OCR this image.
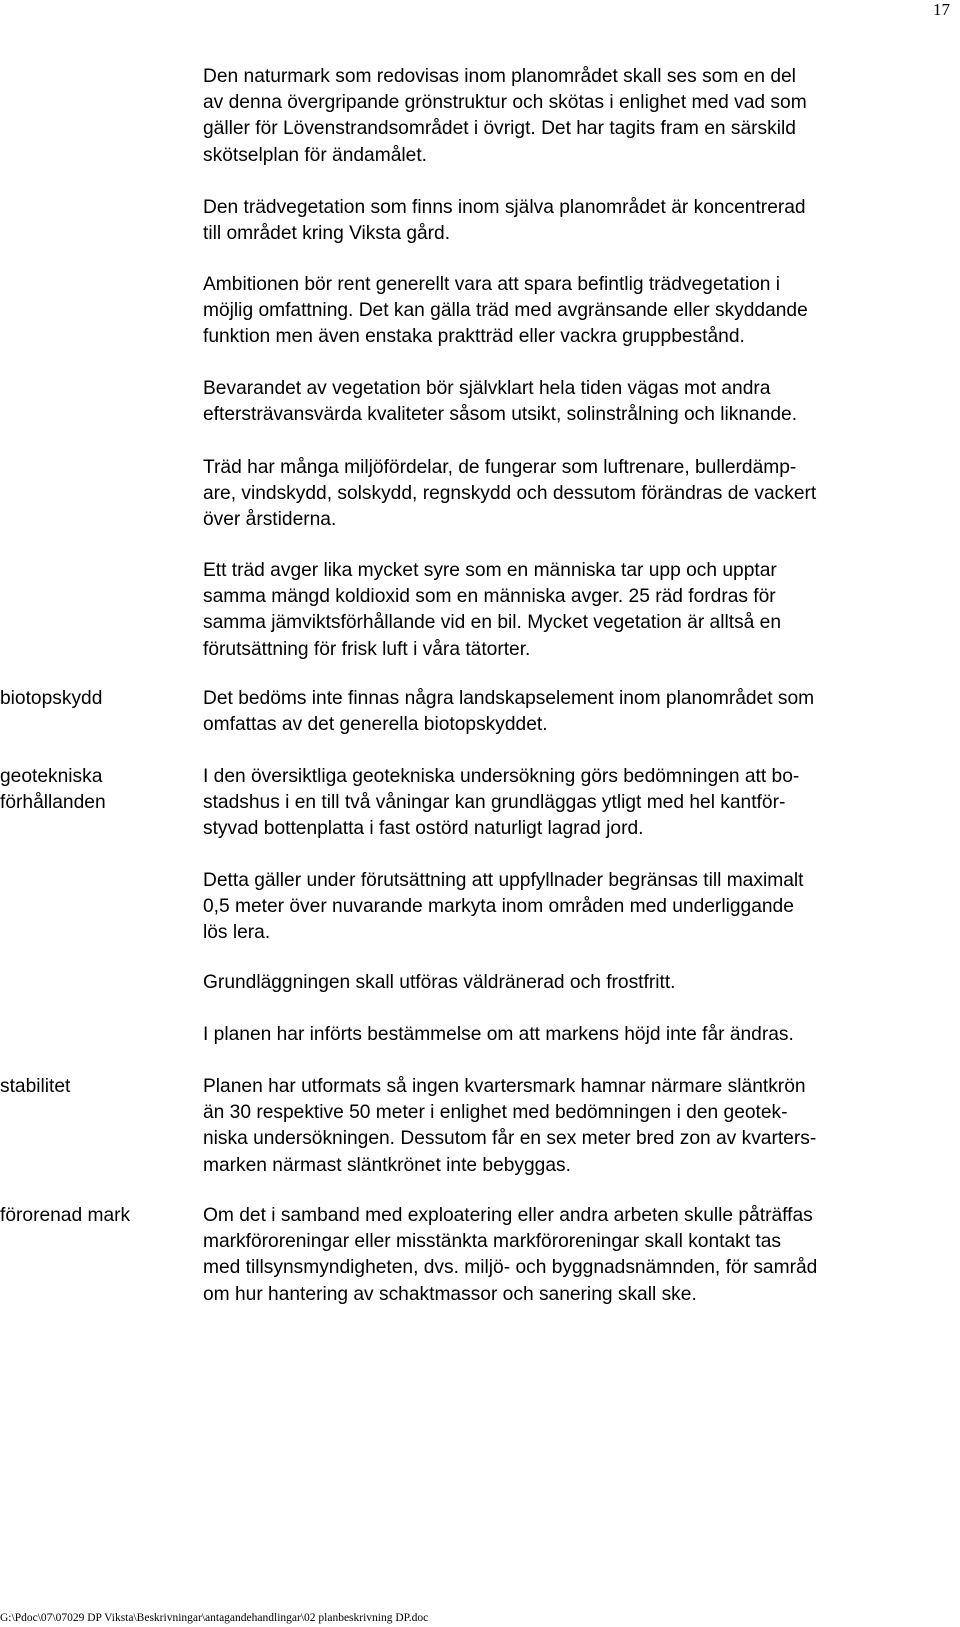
17
Den naturmark som redovisas inom planområdet skall ses som en del
av denna övergripande grönstruktur och skötas i enlighet med vad som
gäller för Lövenstrandsområdet i övrigt. Det har tagits fram en särskild
skötselplan för ändamålet.
Den trädvegetation som finns inom själva planområdet är koncentrerad
till området kring Viksta gård.
Ambitionen bör rent generellt vara att spara befintlig trädvegetation i
möjlig omfattning. Det kan gälla träd med avgränsande eller skyddande
funktion men även enstaka praktträd eller vackra gruppbestånd.
Bevarandet av vegetation bör självklart hela tiden vägas mot andra
eftersträvansvärda kvaliteter såsom utsikt, solinstrålning och liknande.
Träd har många miljöfördelar, de fungerar som luftrenare, bullerdämp-
are, vindskydd, solskydd, regnskydd och dessutom förändras de vackert
över årstiderna.
Ett träd avger lika mycket syre som en människa tar upp och upptar
samma mängd koldioxid som en människa avger. 25 räd fordras för
samma jämviktsförhållande vid en bil. Mycket vegetation är alltså en
förutsättning för frisk luft i våra tätorter.
Det bedöms inte finnas några landskapselement inom planområdet som
omfattas av det generella biotopskyddet.
I den översiktliga geotekniska undersökning görs bedömningen att bo-
stadshus i en till två våningar kan grundläggas ytligt med hel kantför-
styvad bottenplatta i fast ostörd naturligt lagrad jord.
Detta gäller under förutsättning att uppfyllnader begränsas till maximalt
0,5 meter över nuvarande markyta inom områden med underliggande
lös lera.
Grundläggningen skall utföras väldränerad och frostfritt.
I planen har införts bestämmelse om att markens höjd inte får ändras.
Planen har utformats så ingen kvartersmark hamnar närmare släntkrön
än 30 respektive 50 meter i enlighet med bedömningen i den geotek-
niska undersökningen. Dessutom får en sex meter bred zon av kvarters-
marken närmast släntkrönet inte bebyggas.
Om det i samband med exploatering eller andra arbeten skulle påträffas
markföroreningar eller misstänkta markföroreningar skall kontakt tas
med tillsynsmyndigheten, dvs. miljö- och byggnadsnämnden, för samråd
om hur hantering av schaktmassor och sanering skall ske.
biotopskydd
geotekniska
förhållanden
stabilitet
förorenad mark
G:\Pdoc\07\07029 DP Viksta\Beskrivningar\antagandehandlingar\02 planbeskrivning DP.doc
